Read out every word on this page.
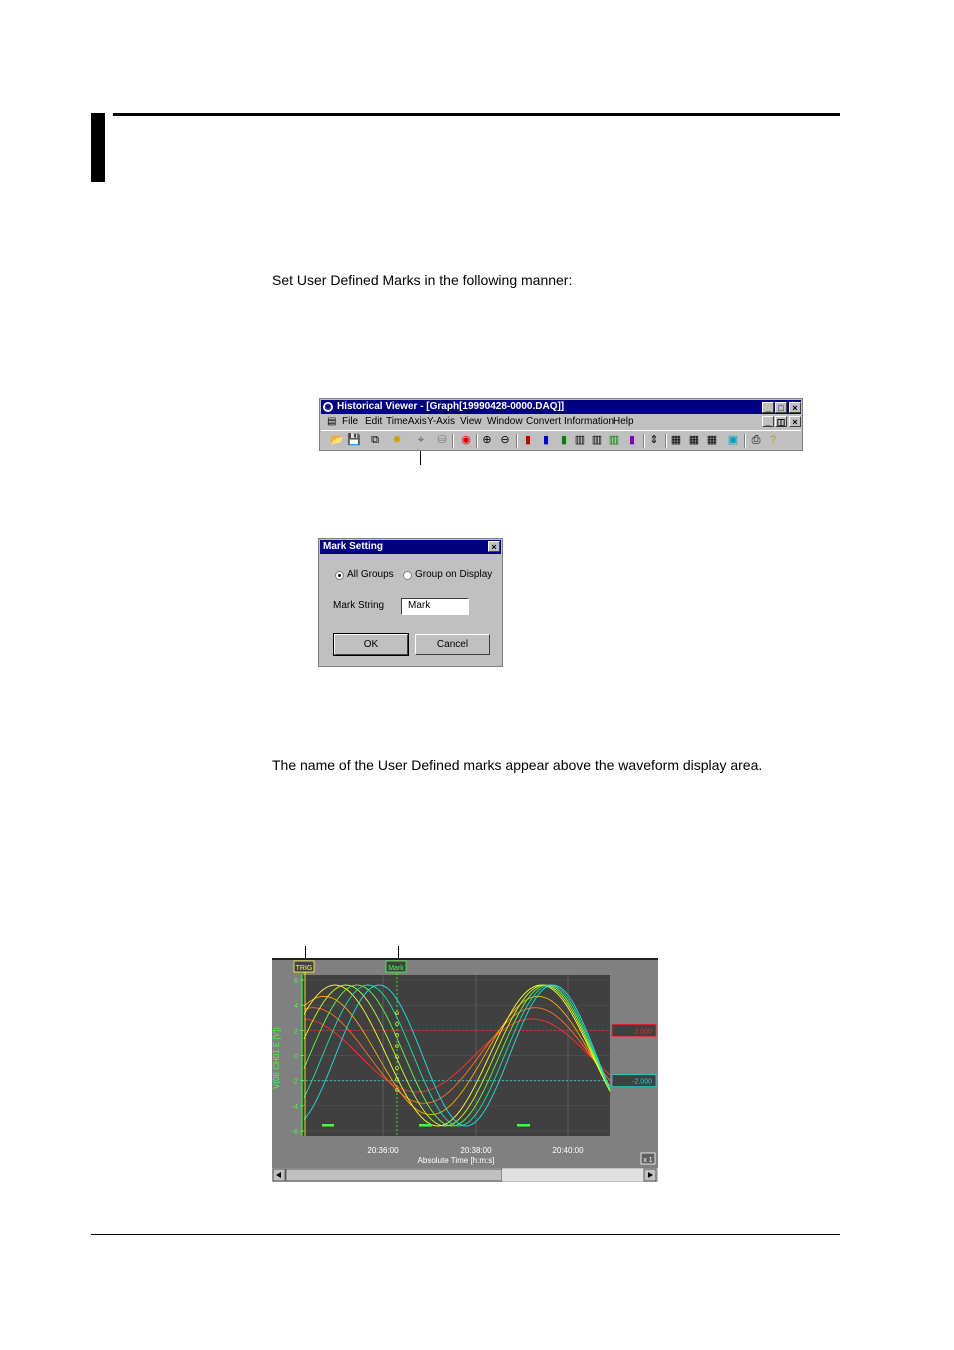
Set User Defined Marks in the following manner:
◉ Historical Viewer - [Graph[19990428-0000.DAQ]]	_ □ ×
▤ File Edit TimeAxis Y-Axis View Window Convert Information
Help	_ ◫ ×
📂 💾 ⧉ ✸ ⌖ ⛁ ◉ ⊕ ⊖ ▮ ▮ ▮ ▥ ▥ ▥ ▮ ⇕ ▦ ▦ ▦ ▣ ⎙ ?
Mark Setting	×
All Groups Group on Display
Mark String	Mark
OK	Cancel
The name of the User Defined marks appear above the waveform display area.
2.000
-2.000
TRIG	Mark
6
4
2
0
-2
-4
-6
20:36:00	20:38:00	20:40:00
V(06 CH01 E [V])
Absolute Time [h:m:s]	x 1
